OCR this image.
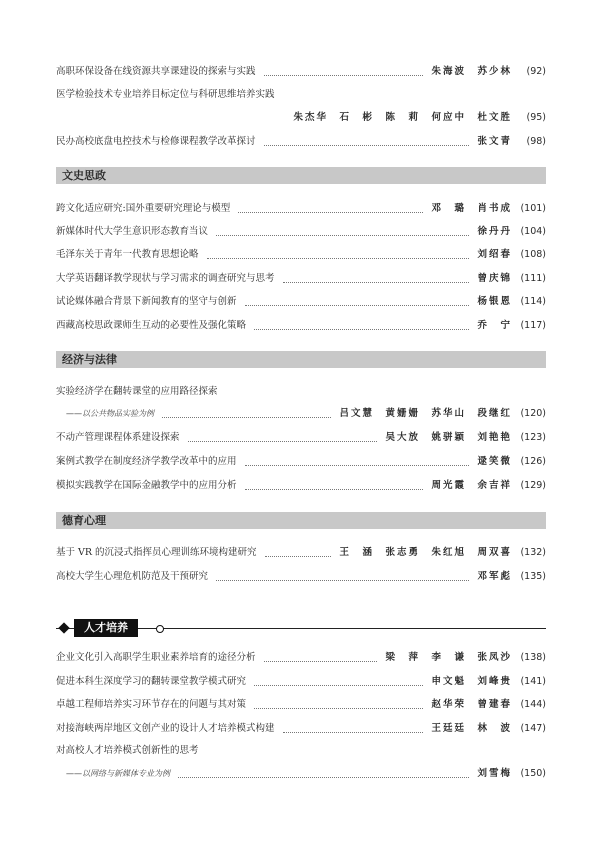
高职环保设备在线资源共享课建设的探索与实践	朱海波　苏少林	(92)
医学检验技术专业培养目标定位与科研思维培养实践
朱杰华　石　彬　陈　莉　何应中　杜文胜	(95)
民办高校底盘电控技术与检修课程教学改革探讨	张文青	(98)
文史思政
跨文化适应研究:国外重要研究理论与模型	邓　璐　肖书成 (101)
新媒体时代大学生意识形态教育当议	徐丹丹 (104)
毛泽东关于青年一代教育思想论略	刘绍春 (108)
大学英语翻译教学现状与学习需求的调查研究与思考	曾庆锦 (111)
试论媒体融合背景下新闻教育的坚守与创新	杨银恩 (114)
西藏高校思政课师生互动的必要性及强化策略	乔　宁 (117)
经济与法律
实验经济学在翻转课堂的应用路径探索
——以公共物品实验为例	吕文慧　黄姗姗　苏华山　段继红 (120)
不动产管理课程体系建设探索	吴大放　姚骈颖　刘艳艳 (123)
案例式教学在制度经济学教学改革中的应用	逯笑微 (126)
模拟实践教学在国际金融教学中的应用分析	周光霞　余吉祥 (129)
德育心理
基于 VR 的沉浸式指挥员心理训练环境构建研究	王　涵　张志勇　朱红旭　周双喜 (132)
高校大学生心理危机防范及干预研究	邓军彪 (135)
人才培养
企业文化引入高职学生职业素养培育的途径分析	梁　萍　李　谦　张凤沙 (138)
促进本科生深度学习的翻转课堂教学模式研究	申文魁　刘峰贵 (141)
卓越工程师培养实习环节存在的问题与其对策	赵华荣　曾建春 (144)
对接海峡两岸地区文创产业的设计人才培养模式构建	王廷廷　林　波 (147)
对高校人才培养模式创新性的思考
——以网络与新媒体专业为例	刘雪梅 (150)
